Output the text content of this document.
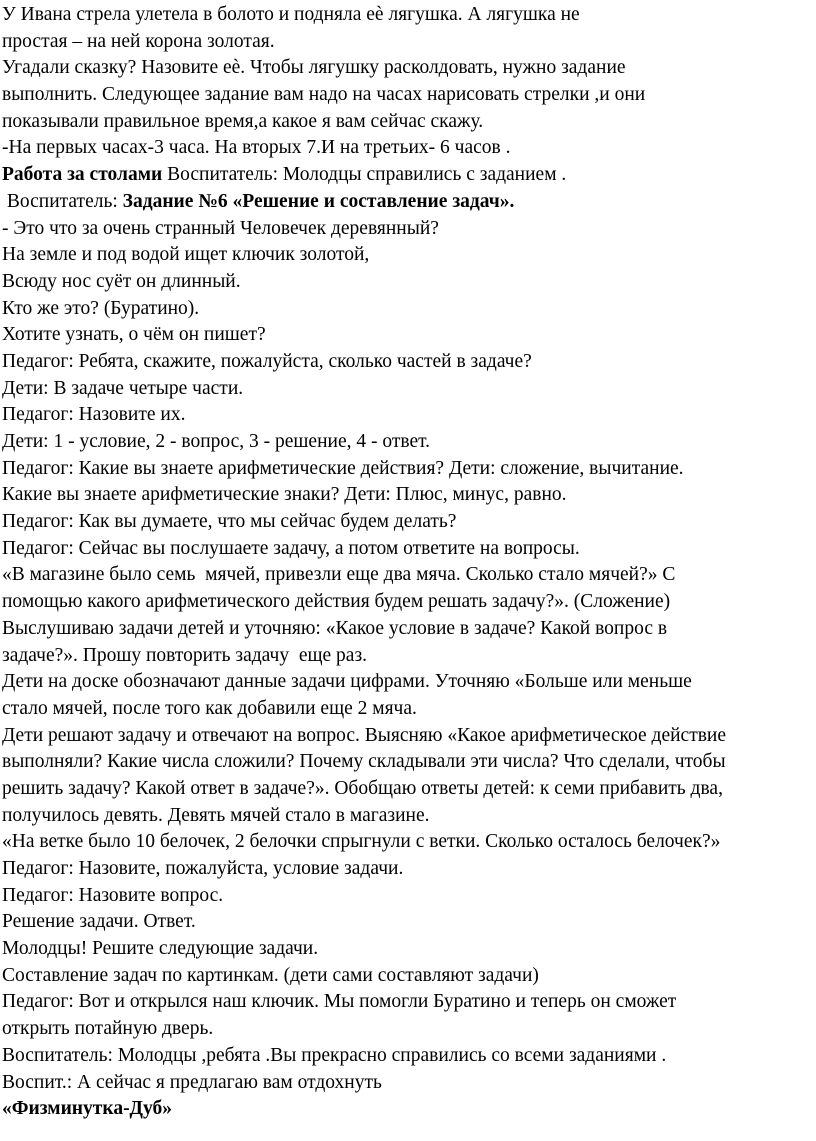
У Ивана стрела улетела в болото и подняла еѐ лягушка. А лягушка не
простая – на ней корона золотая.
Угадали сказку? Назовите еѐ. Чтобы лягушку расколдовать, нужно задание
выполнить. Следующее задание вам надо на часах нарисовать стрелки ,и они
показывали правильное время,а какое я вам сейчас скажу.
-На первых часах-3 часа. На вторых 7.И на третьих- 6 часов .
Работа за столами Воспитатель: Молодцы справились с заданием .
Воспитатель: Задание №6 «Решение и составление задач».
- Это что за очень странный Человечек деревянный?
На земле и под водой ищет ключик золотой,
Всюду нос суёт он длинный.
Кто же это? (Буратино).
Хотите узнать, о чём он пишет?
Педагог: Ребята, скажите, пожалуйста, сколько частей в задаче?
Дети: В задаче четыре части.
Педагог: Назовите их.
Дети: 1 - условие, 2 - вопрос, 3 - решение, 4 - ответ.
Педагог: Какие вы знаете арифметические действия? Дети: сложение, вычитание.
Какие вы знаете арифметические знаки? Дети: Плюс, минус, равно.
Педагог: Как вы думаете, что мы сейчас будем делать?
Педагог: Сейчас вы послушаете задачу, а потом ответите на вопросы.
«В магазине было семь  мячей, привезли еще два мяча. Сколько стало мячей?» С
помощью какого арифметического действия будем решать задачу?». (Сложение)
Выслушиваю задачи детей и уточняю: «Какое условие в задаче? Какой вопрос в
задаче?». Прошу повторить задачу  еще раз.
Дети на доске обозначают данные задачи цифрами. Уточняю «Больше или меньше
стало мячей, после того как добавили еще 2 мяча.
Дети решают задачу и отвечают на вопрос. Выясняю «Какое арифметическое действие
выполняли? Какие числа сложили? Почему складывали эти числа? Что сделали, чтобы
решить задачу? Какой ответ в задаче?». Обобщаю ответы детей: к семи прибавить два,
получилось девять. Девять мячей стало в магазине.
«На ветке было 10 белочек, 2 белочки спрыгнули с ветки. Сколько осталось белочек?»
Педагог: Назовите, пожалуйста, условие задачи.
Педагог: Назовите вопрос.
Решение задачи. Ответ.
Молодцы! Решите следующие задачи.
Составление задач по картинкам. (дети сами составляют задачи)
Педагог: Вот и открылся наш ключик. Мы помогли Буратино и теперь он сможет
открыть потайную дверь.
Воспитатель: Молодцы ,ребята .Вы прекрасно справились со всеми заданиями .
Воспит.: А сейчас я предлагаю вам отдохнуть
«Физминутка-Дуб»
